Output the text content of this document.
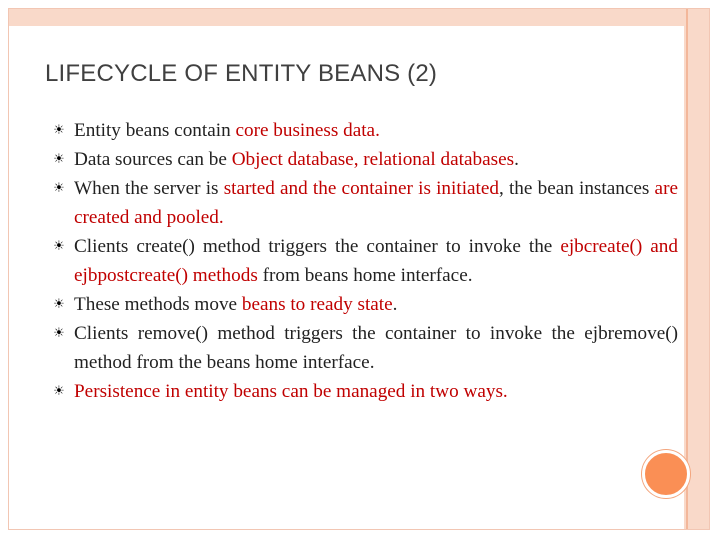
LIFECYCLE OF ENTITY BEANS (2)
☀ Entity beans contain core business data.
☀ Data sources can be Object database, relational databases.
☀ When the server is started and the container is initiated, the bean instances are created and pooled.
☀ Clients create() method triggers the container to invoke the ejbcreate() and ejbpostcreate() methods from beans home interface.
☀ These methods move beans to ready state.
☀ Clients remove() method triggers the container to invoke the ejbremove() method from the beans home interface.
☀ Persistence in entity beans can be managed in two ways.
